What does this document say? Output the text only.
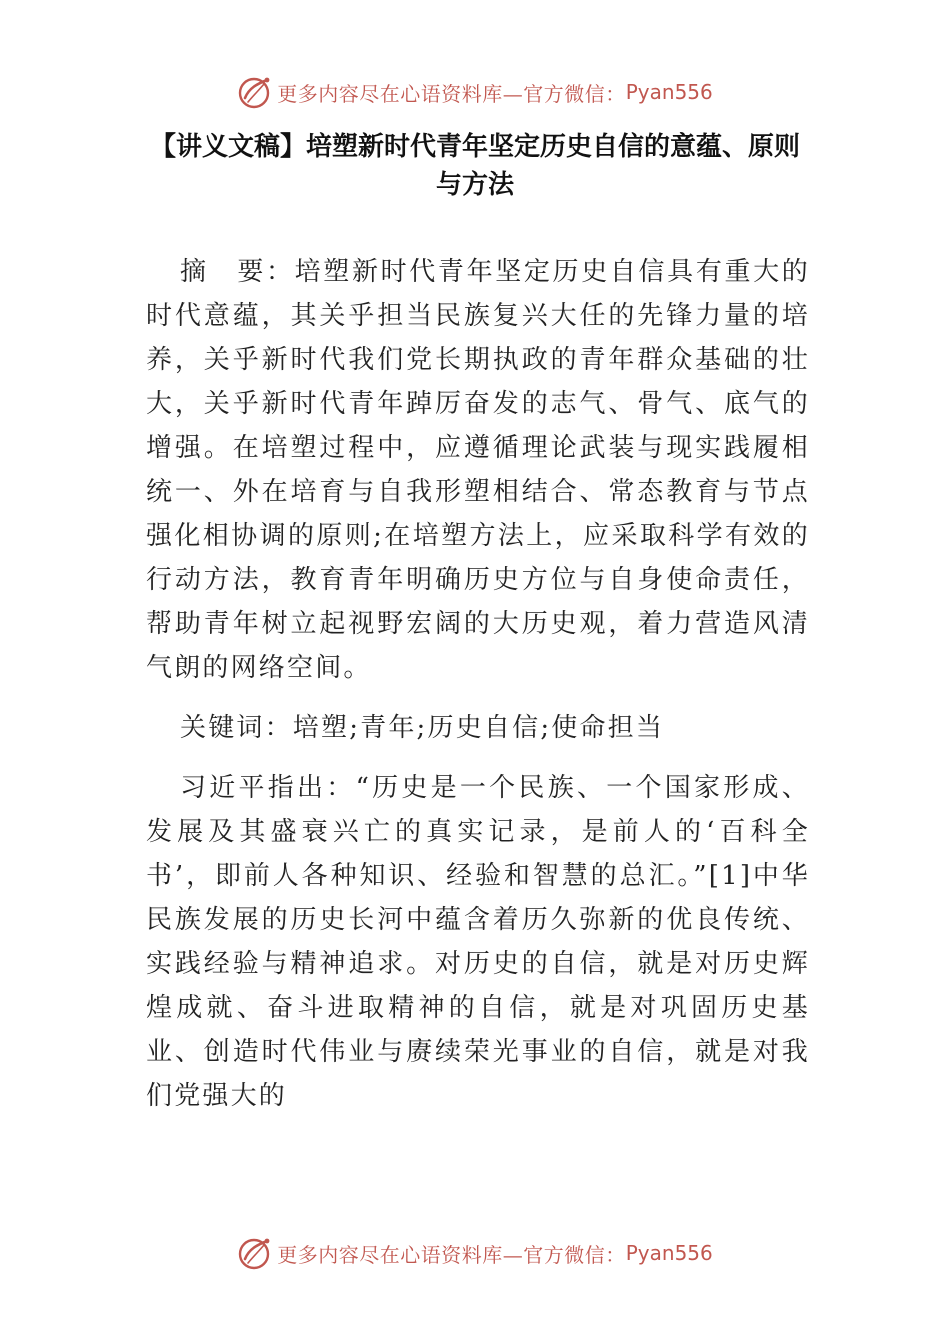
更多内容尽在心语资料库—官方微信： Pyan556
【讲义文稿】培塑新时代青年坚定历史自信的意蕴、原则与方法

摘　要：培塑新时代青年坚定历史自信具有重大的时代意蕴，其关乎担当民族复兴大任的先锋力量的培养，关乎新时代我们党长期执政的青年群众基础的壮大，关乎新时代青年踔厉奋发的志气、骨气、底气的增强。在培塑过程中，应遵循理论武装与现实践履相统一、外在培育与自我形塑相结合、常态教育与节点强化相协调的原则;在培塑方法上，应采取科学有效的行动方法，教育青年明确历史方位与自身使命责任，帮助青年树立起视野宏阔的大历史观，着力营造风清气朗的网络空间。

关键词：培塑;青年;历史自信;使命担当

习近平指出：“历史是一个民族、一个国家形成、发展及其盛衰兴亡的真实记录，是前人的‘百科全书’，即前人各种知识、经验和智慧的总汇。”[1]中华民族发展的历史长河中蕴含着历久弥新的优良传统、实践经验与精神追求。对历史的自信，就是对历史辉煌成就、奋斗进取精神的自信，就是对巩固历史基业、创造时代伟业与赓续荣光事业的自信，就是对我们党强大的

更多内容尽在心语资料库—官方微信： Pyan556
